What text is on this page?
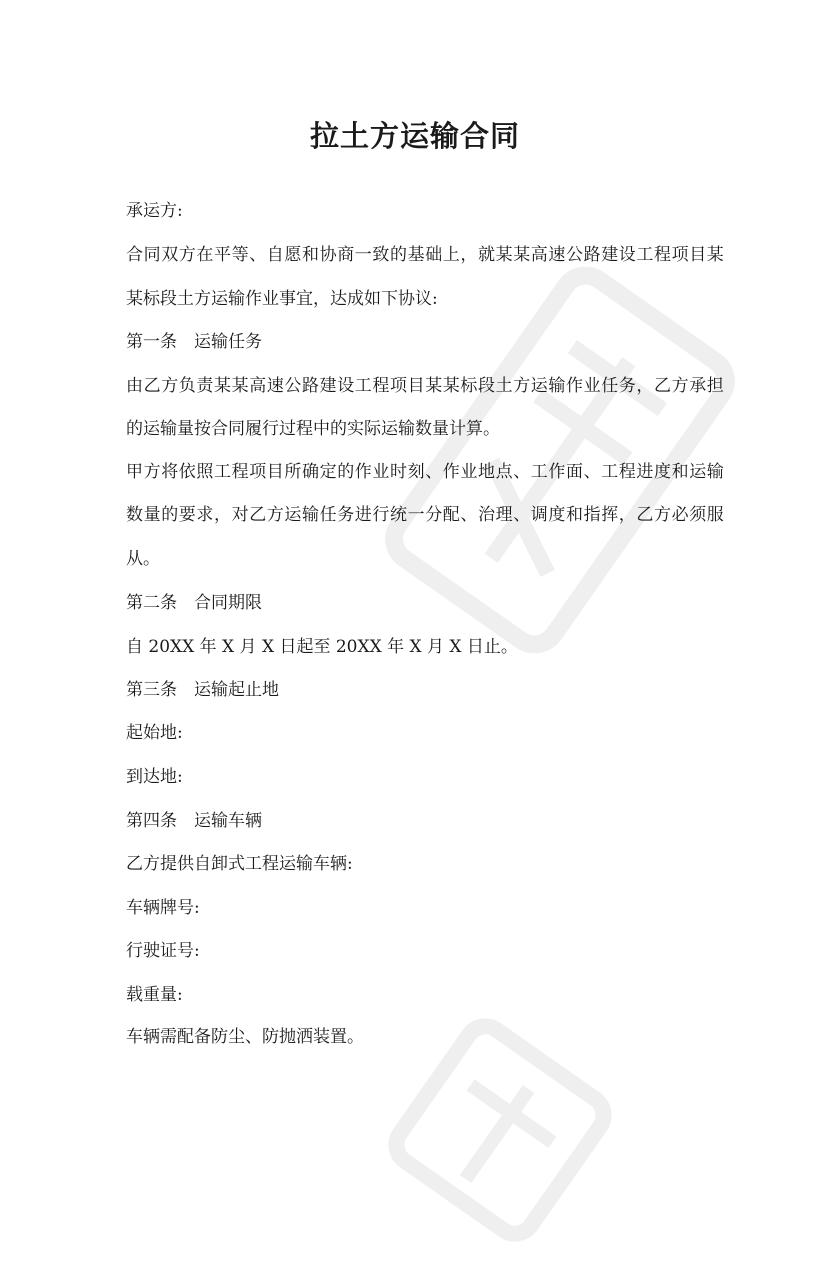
拉土方运输合同
承运方:
合同双方在平等、自愿和协商一致的基础上，就某某高速公路建设工程项目某
某标段土方运输作业事宜，达成如下协议:
第一条　运输任务
由乙方负责某某高速公路建设工程项目某某标段土方运输作业任务，乙方承担
的运输量按合同履行过程中的实际运输数量计算。
甲方将依照工程项目所确定的作业时刻、作业地点、工作面、工程进度和运输
数量的要求，对乙方运输任务进行统一分配、治理、调度和指挥，乙方必须服
从。
第二条　合同期限
自 20XX 年 X 月 X 日起至 20XX 年 X 月 X 日止。
第三条　运输起止地
起始地:
到达地:
第四条　运输车辆
乙方提供自卸式工程运输车辆:
车辆牌号:
行驶证号:
载重量:
车辆需配备防尘、防抛洒装置。
